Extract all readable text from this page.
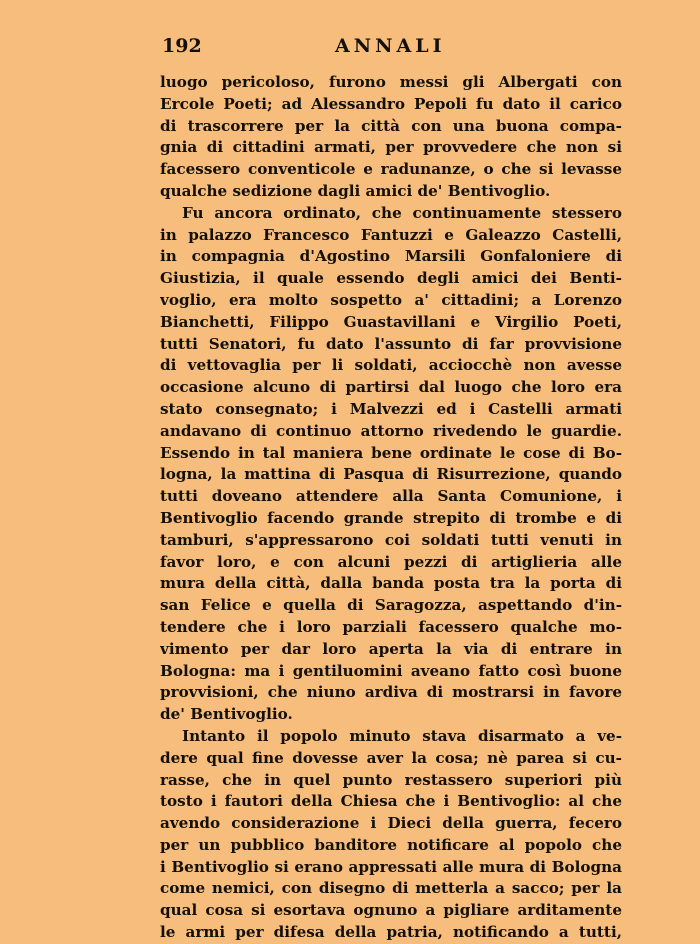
192	ANNALI
luogo pericoloso, furono messi gli Albergati con
Ercole Poeti; ad Alessandro Pepoli fu dato il carico
di trascorrere per la città con una buona compa-
gnia di cittadini armati, per provvedere che non si
facessero conventicole e radunanze, o che si levasse
qualche sedizione dagli amici de' Bentivoglio.
Fu ancora ordinato, che continuamente stessero
in palazzo Francesco Fantuzzi e Galeazzo Castelli,
in compagnia d'Agostino Marsili Gonfaloniere di
Giustizia, il quale essendo degli amici dei Benti-
voglio, era molto sospetto a' cittadini; a Lorenzo
Bianchetti, Filippo Guastavillani e Virgilio Poeti,
tutti Senatori, fu dato l'assunto di far provvisione
di vettovaglia per li soldati, acciocchè non avesse
occasione alcuno di partirsi dal luogo che loro era
stato consegnato; i Malvezzi ed i Castelli armati
andavano di continuo attorno rivedendo le guardie.
Essendo in tal maniera bene ordinate le cose di Bo-
logna, la mattina di Pasqua di Risurrezione, quando
tutti doveano attendere alla Santa Comunione, i
Bentivoglio facendo grande strepito di trombe e di
tamburi, s'appressarono coi soldati tutti venuti in
favor loro, e con alcuni pezzi di artiglieria alle
mura della città, dalla banda posta tra la porta di
san Felice e quella di Saragozza, aspettando d'in-
tendere che i loro parziali facessero qualche mo-
vimento per dar loro aperta la via di entrare in
Bologna: ma i gentiluomini aveano fatto così buone
provvisioni, che niuno ardiva di mostrarsi in favore
de' Bentivoglio.
Intanto il popolo minuto stava disarmato a ve-
dere qual fine dovesse aver la cosa; nè parea si cu-
rasse, che in quel punto restassero superiori più
tosto i fautori della Chiesa che i Bentivoglio: al che
avendo considerazione i Dieci della guerra, fecero
per un pubblico banditore notificare al popolo che
i Bentivoglio si erano appressati alle mura di Bologna
come nemici, con disegno di metterla a sacco; per la
qual cosa si esortava ognuno a pigliare arditamente
le armi per difesa della patria, notificando a tutti,
